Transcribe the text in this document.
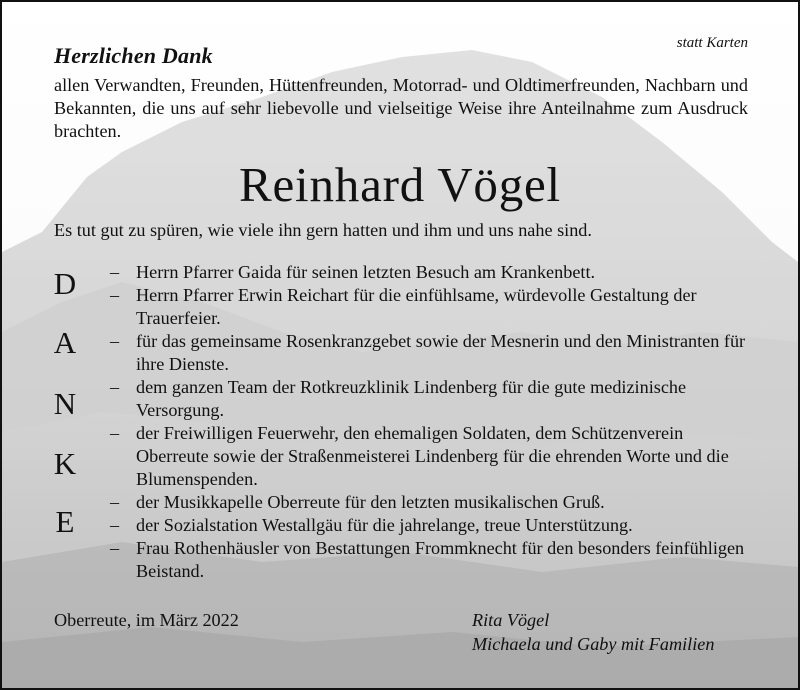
statt Karten
Herzlichen Dank
allen Verwandten, Freunden, Hüttenfreunden, Motorrad- und Oldtimerfreunden, Nachbarn und Bekannten, die uns auf sehr liebevolle und vielseitige Weise ihre Anteilnahme zum Ausdruck brachten.
Reinhard Vögel
Es tut gut zu spüren, wie viele ihn gern hatten und ihm und uns nahe sind.
D
A
N
K
E
– Herrn Pfarrer Gaida für seinen letzten Besuch am Krankenbett.
– Herrn Pfarrer Erwin Reichart für die einfühlsame, würdevolle Gestaltung der Trauerfeier.
– für das gemeinsame Rosenkranzgebet sowie der Mesnerin und den Ministranten für ihre Dienste.
– dem ganzen Team der Rotkreuzklinik Lindenberg für die gute medizinische Versorgung.
– der Freiwilligen Feuerwehr, den ehemaligen Soldaten, dem Schützenverein Oberreute sowie der Straßenmeisterei Lindenberg für die ehrenden Worte und die Blumenspenden.
– der Musikkapelle Oberreute für den letzten musikalischen Gruß.
– der Sozialstation Westallgäu für die jahrelange, treue Unterstützung.
– Frau Rothenhäusler von Bestattungen Frommknecht für den besonders feinfühligen Beistand.
Oberreute, im März 2022	Rita Vögel
Michaela und Gaby mit Familien
